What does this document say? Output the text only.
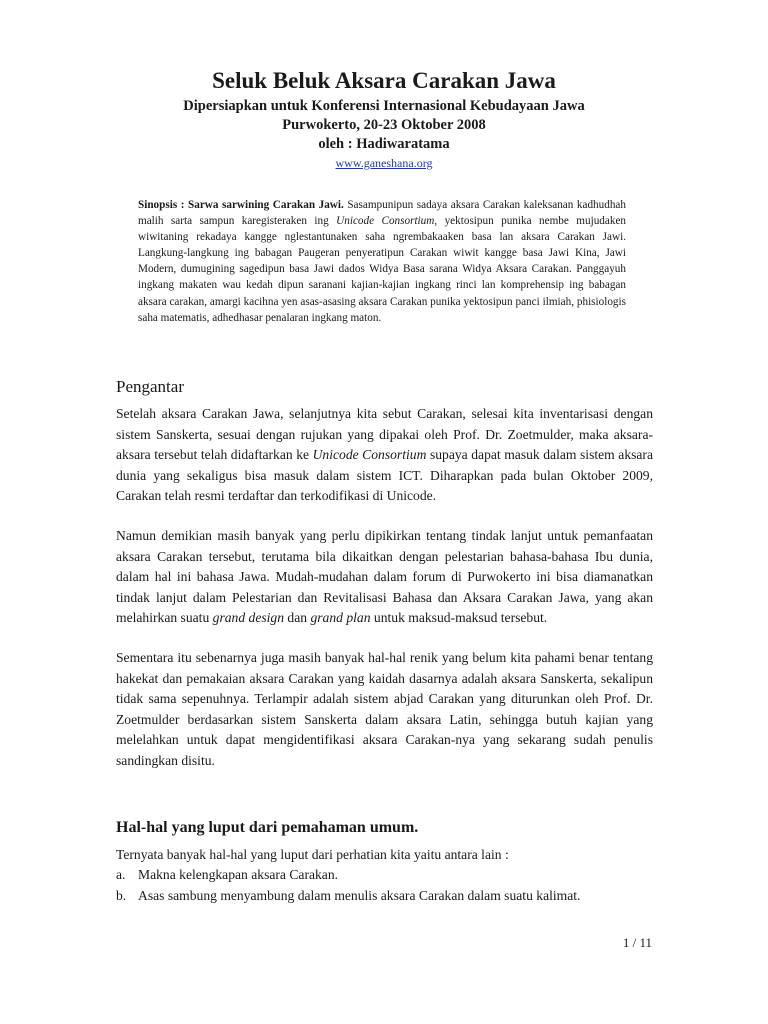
Seluk Beluk Aksara Carakan Jawa
Dipersiapkan untuk Konferensi Internasional Kebudayaan Jawa
Purwokerto, 20-23 Oktober 2008
oleh : Hadiwaratama
www.ganeshana.org

Sinopsis : Sarwa sarwining Carakan Jawi. Sasampunipun sadaya aksara Carakan kaleksanan kadhudhah malih sarta sampun karegisteraken ing Unicode Consortium, yektosipun punika nembe mujudaken wiwitaning rekadaya kangge nglestantunaken saha ngrembakaaken basa lan aksara Carakan Jawi. Langkung-langkung ing babagan Paugeran penyeratipun Carakan wiwit kangge basa Jawi Kina, Jawi Modern, dumugining sagedipun basa Jawi dados Widya Basa sarana Widya Aksara Carakan. Panggayuh ingkang makaten wau kedah dipun saranani kajian-kajian ingkang rinci lan komprehensip ing babagan aksara carakan, amargi kacihna yen asas-asasing aksara Carakan punika yektosipun panci ilmiah, phisiologis saha matematis, adhedhasar penalaran ingkang maton.

Pengantar

Setelah aksara Carakan Jawa, selanjutnya kita sebut Carakan, selesai kita inventarisasi dengan sistem Sanskerta, sesuai dengan rujukan yang dipakai oleh Prof. Dr. Zoetmulder, maka aksara-aksara tersebut telah didaftarkan ke Unicode Consortium supaya dapat masuk dalam sistem aksara dunia yang sekaligus bisa masuk dalam sistem ICT. Diharapkan pada bulan Oktober 2009, Carakan telah resmi terdaftar dan terkodifikasi di Unicode.

Namun demikian masih banyak yang perlu dipikirkan tentang tindak lanjut untuk pemanfaatan aksara Carakan tersebut, terutama bila dikaitkan dengan pelestarian bahasa-bahasa Ibu dunia, dalam hal ini bahasa Jawa. Mudah-mudahan dalam forum di Purwokerto ini bisa diamanatkan tindak lanjut dalam Pelestarian dan Revitalisasi Bahasa dan Aksara Carakan Jawa, yang akan melahirkan suatu grand design dan grand plan untuk maksud-maksud tersebut.

Sementara itu sebenarnya juga masih banyak hal-hal renik yang belum kita pahami benar tentang hakekat dan pemakaian aksara Carakan yang kaidah dasarnya adalah aksara Sanskerta, sekalipun tidak sama sepenuhnya. Terlampir adalah sistem abjad Carakan yang diturunkan oleh Prof. Dr. Zoetmulder berdasarkan sistem Sanskerta dalam aksara Latin, sehingga butuh kajian yang melelahkan untuk dapat mengidentifikasi aksara Carakan-nya yang sekarang sudah penulis sandingkan disitu.

Hal-hal yang luput dari pemahaman umum.

Ternyata banyak hal-hal yang luput dari perhatian kita yaitu antara lain :

a. Makna kelengkapan aksara Carakan.
b. Asas sambung menyambung dalam menulis aksara Carakan dalam suatu kalimat.
1 / 11
